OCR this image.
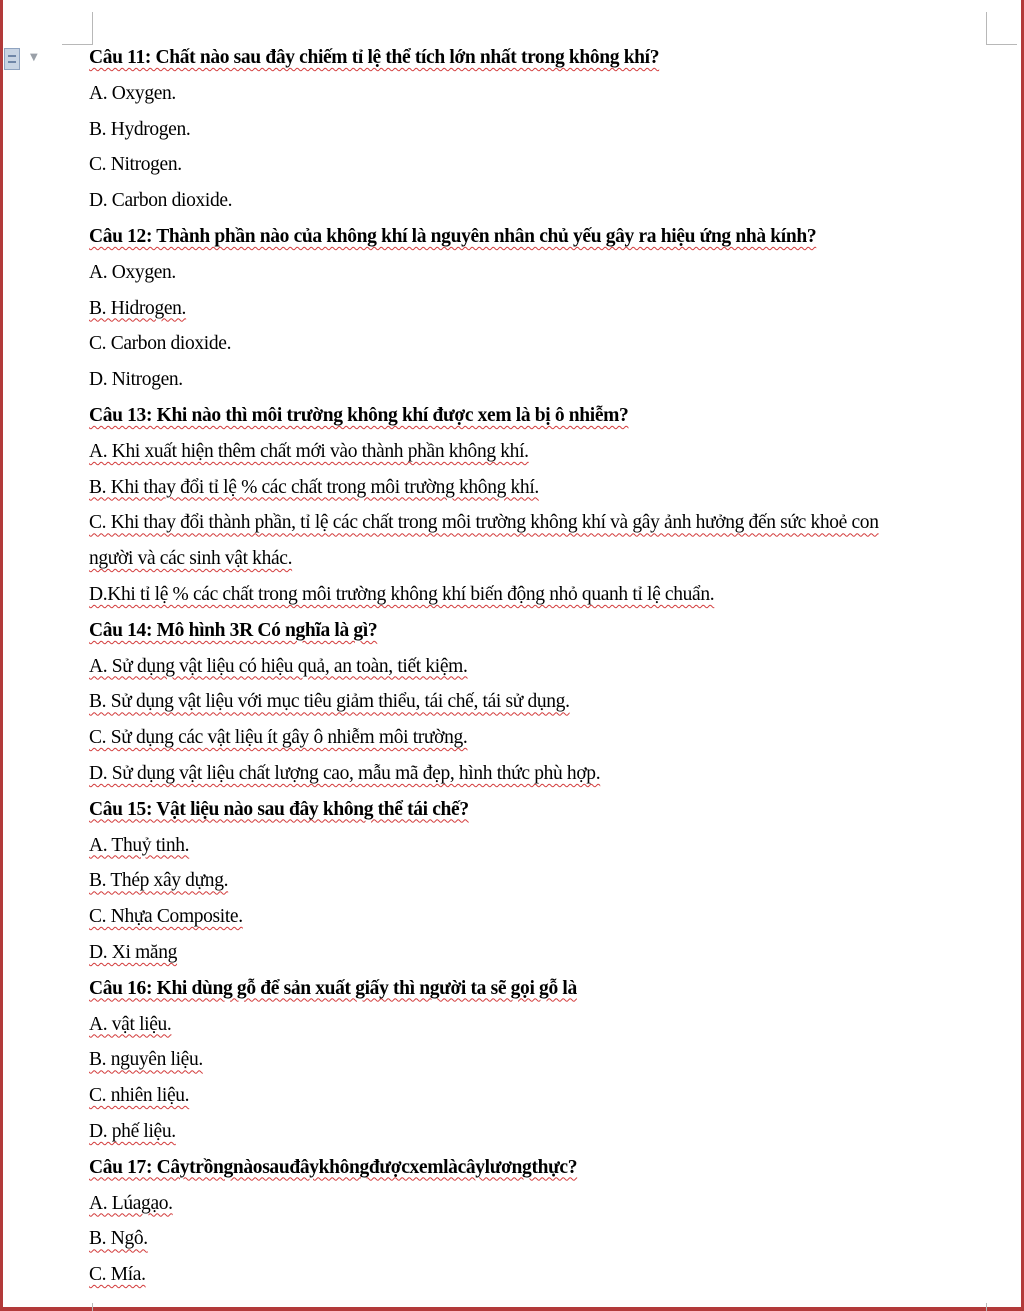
▼	Câu 11: Chất nào sau đây chiếm tỉ lệ thể tích lớn nhất trong không khí?
A. Oxygen.
B. Hydrogen.
C. Nitrogen.
D. Carbon dioxide.
Câu 12: Thành phần nào của không khí là nguyên nhân chủ yếu gây ra hiệu ứng nhà kính?
A. Oxygen.
B. Hidrogen.
C. Carbon dioxide.
D. Nitrogen.
Câu 13: Khi nào thì môi trường không khí được xem là bị ô nhiễm?
A. Khi xuất hiện thêm chất mới vào thành phần không khí.
B. Khi thay đổi tỉ lệ % các chất trong môi trường không khí.
C. Khi thay đổi thành phần, tỉ lệ các chất trong môi trường không khí và gây ảnh hưởng đến sức khoẻ con
người và các sinh vật khác.
D.Khi tỉ lệ % các chất trong môi trường không khí biến động nhỏ quanh tỉ lệ chuẩn.
Câu 14: Mô hình 3R Có nghĩa là gì?
A. Sử dụng vật liệu có hiệu quả, an toàn, tiết kiệm.
B. Sử dụng vật liệu với mục tiêu giảm thiểu, tái chế, tái sử dụng.
C. Sử dụng các vật liệu ít gây ô nhiễm môi trường.
D. Sử dụng vật liệu chất lượng cao, mẫu mã đẹp, hình thức phù hợp.
Câu 15: Vật liệu nào sau đây không thể tái chế?
A. Thuỷ tinh.
B. Thép xây dựng.
C. Nhựa Composite.
D. Xi măng
Câu 16: Khi dùng gỗ để sản xuất giấy thì người ta sẽ gọi gỗ là
A. vật liệu.
B. nguyên liệu.
C. nhiên liệu.
D. phế liệu.
Câu 17: Câytrồngnàosauđâykhôngđượcxemlàcâylươngthực?
A. Lúagạo.
B. Ngô.
C. Mía.
